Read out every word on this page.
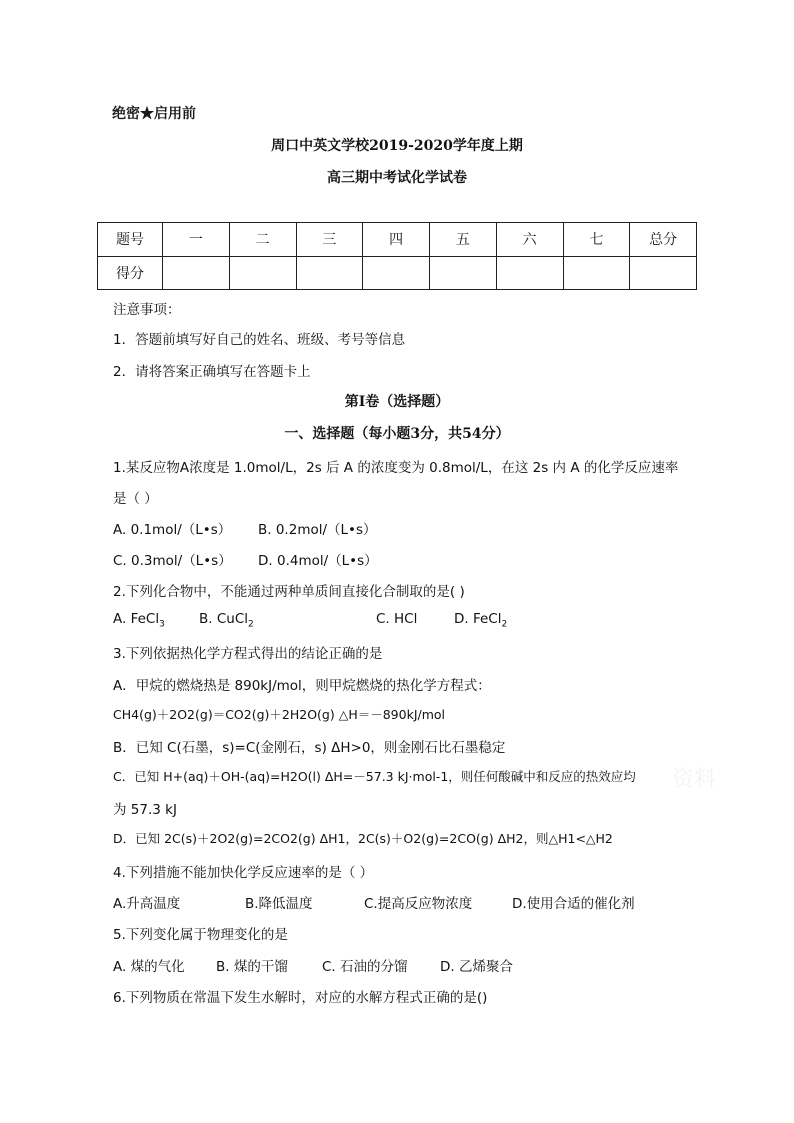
绝密★启用前
周口中英文学校2019-2020学年度上期
高三期中考试化学试卷
题号	一	二	三	四	五	六	七	总分
得分								
注意事项：
1．答题前填写好自己的姓名、班级、考号等信息
2．请将答案正确填写在答题卡上
第I卷（选择题）
一、选择题（每小题3分，共54分）
1.某反应物A浓度是 1.0mol/L，2s 后 A 的浓度变为 0.8mol/L，在这 2s 内 A 的化学反应速率
是（ ）
A. 0.1mol/（L•s） B. 0.2mol/（L•s）
C. 0.3mol/（L•s） D. 0.4mol/（L•s）
2.下列化合物中，不能通过两种单质间直接化合制取的是( )
A. FeCl$_3$	B. CuCl$_2$	C. HCl	D. FeCl$_2$
3.下列依据热化学方程式得出的结论正确的是
A．甲烷的燃烧热是 890kJ/mol，则甲烷燃烧的热化学方程式：
CH4(g)＋2O2(g)＝CO2(g)＋2H2O(g) △H＝－890kJ/mol
B．已知 C(石墨，s)=C(金刚石，s) ΔH>0，则金刚石比石墨稳定
C．已知 H+(aq)＋OH-(aq)=H2O(l) ΔH=－57.3 kJ·mol-1，则任何酸碱中和反应的热效应均
为 57.3 kJ
D．已知 2C(s)＋2O2(g)=2CO2(g) ΔH1，2C(s)＋O2(g)=2CO(g) ΔH2，则△H1<△H2
资料
4.下列措施不能加快化学反应速率的是（ ）
A.升高温度	B.降低温度	C.提高反应物浓度	D.使用合适的催化剂
5.下列变化属于物理变化的是
A. 煤的气化 B. 煤的干馏	C. 石油的分馏 D. 乙烯聚合
6.下列物质在常温下发生水解时，对应的水解方程式正确的是()
